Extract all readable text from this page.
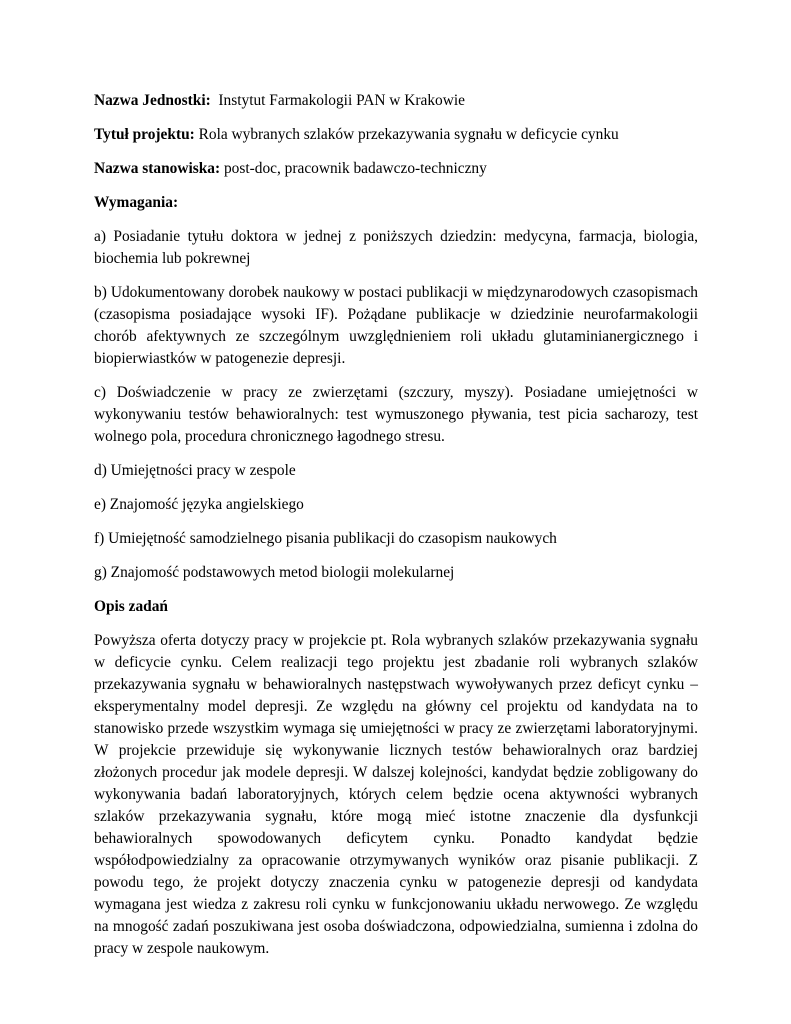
Nazwa Jednostki: Instytut Farmakologii PAN w Krakowie

Tytuł projektu: Rola wybranych szlaków przekazywania sygnału w deficycie cynku

Nazwa stanowiska: post-doc, pracownik badawczo-techniczny

Wymagania:

a) Posiadanie tytułu doktora w jednej z poniższych dziedzin: medycyna, farmacja, biologia, biochemia lub pokrewnej

b) Udokumentowany dorobek naukowy w postaci publikacji w międzynarodowych czasopismach (czasopisma posiadające wysoki IF). Pożądane publikacje w dziedzinie neurofarmakologii chorób afektywnych ze szczególnym uwzględnieniem roli układu glutaminianergicznego i biopierwiastków w patogenezie depresji.

c) Doświadczenie w pracy ze zwierzętami (szczury, myszy). Posiadane umiejętności w wykonywaniu testów behawioralnych: test wymuszonego pływania, test picia sacharozy, test wolnego pola, procedura chronicznego łagodnego stresu.

d) Umiejętności pracy w zespole

e) Znajomość języka angielskiego

f) Umiejętność samodzielnego pisania publikacji do czasopism naukowych

g) Znajomość podstawowych metod biologii molekularnej

Opis zadań

Powyższa oferta dotyczy pracy w projekcie pt. Rola wybranych szlaków przekazywania sygnału w deficycie cynku. Celem realizacji tego projektu jest zbadanie roli wybranych szlaków przekazywania sygnału w behawioralnych następstwach wywoływanych przez deficyt cynku – eksperymentalny model depresji. Ze względu na główny cel projektu od kandydata na to stanowisko przede wszystkim wymaga się umiejętności w pracy ze zwierzętami laboratoryjnymi. W projekcie przewiduje się wykonywanie licznych testów behawioralnych oraz bardziej złożonych procedur jak modele depresji. W dalszej kolejności, kandydat będzie zobligowany do wykonywania badań laboratoryjnych, których celem będzie ocena aktywności wybranych szlaków przekazywania sygnału, które mogą mieć istotne znaczenie dla dysfunkcji behawioralnych spowodowanych deficytem cynku. Ponadto kandydat będzie współodpowiedzialny za opracowanie otrzymywanych wyników oraz pisanie publikacji. Z powodu tego, że projekt dotyczy znaczenia cynku w patogenezie depresji od kandydata wymagana jest wiedza z zakresu roli cynku w funkcjonowaniu układu nerwowego. Ze względu na mnogość zadań poszukiwana jest osoba doświadczona, odpowiedzialna, sumienna i zdolna do pracy w zespole naukowym.
